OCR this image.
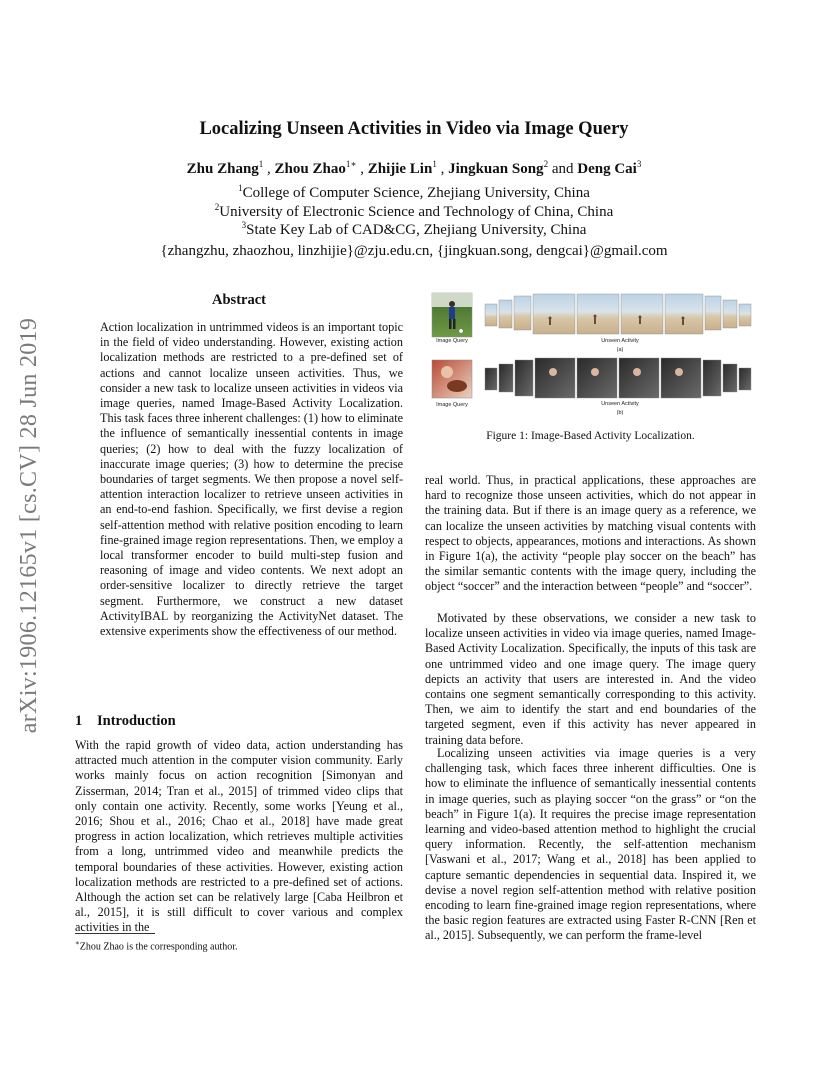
arXiv:1906.12165v1 [cs.CV] 28 Jun 2019
Localizing Unseen Activities in Video via Image Query
Zhu Zhang$^1$ , Zhou Zhao$^{1∗}$ , Zhijie Lin$^1$ , Jingkuan Song$^2$ and Deng Cai$^3$
$^1$College of Computer Science, Zhejiang University, China
$^2$University of Electronic Science and Technology of China, China
$^3$State Key Lab of CAD&CG, Zhejiang University, China
{zhangzhu, zhaozhou, linzhijie}@zju.edu.cn, {jingkuan.song, dengcai}@gmail.com
Abstract

Action localization in untrimmed videos is an important topic in the field of video understanding. However, existing action localization methods are restricted to a pre-defined set of actions and cannot localize unseen activities. Thus, we consider a new task to localize unseen activities in videos via image queries, named Image-Based Activity Localization. This task faces three inherent challenges: (1) how to eliminate the influence of semantically inessential contents in image queries; (2) how to deal with the fuzzy localization of inaccurate image queries; (3) how to determine the precise boundaries of target segments. We then propose a novel self-attention interaction localizer to retrieve unseen activities in an end-to-end fashion. Specifically, we first devise a region self-attention method with relative position encoding to learn fine-grained image region representations. Then, we employ a local transformer encoder to build multi-step fusion and reasoning of image and video contents. We next adopt an order-sensitive localizer to directly retrieve the target segment. Furthermore, we construct a new dataset ActivityIBAL by reorganizing the ActivityNet dataset. The extensive experiments show the effectiveness of our method.

1 Introduction

With the rapid growth of video data, action understanding has attracted much attention in the computer vision community. Early works mainly focus on action recognition [Simonyan and Zisserman, 2014; Tran et al., 2015] of trimmed video clips that only contain one activity. Recently, some works [Yeung et al., 2016; Shou et al., 2016; Chao et al., 2018] have made great progress in action localization, which retrieves multiple activities from a long, untrimmed video and meanwhile predicts the temporal boundaries of these activities. However, existing action localization methods are restricted to a pre-defined set of actions. Although the action set can be relatively large [Caba Heilbron et al., 2015], it is still difficult to cover various and complex activities in the

∗Zhou Zhao is the corresponding author.
Image Query	Unseen Activity
(a)
Image Query	Unseen Activity
(b)
Figure 1: Image-Based Activity Localization.

real world. Thus, in practical applications, these approaches are hard to recognize those unseen activities, which do not appear in the training data. But if there is an image query as a reference, we can localize the unseen activities by matching visual contents with respect to objects, appearances, motions and interactions. As shown in Figure 1(a), the activity “people play soccer on the beach” has the similar semantic contents with the image query, including the object “soccer” and the interaction between “people” and “soccer”.

Motivated by these observations, we consider a new task to localize unseen activities in video via image queries, named Image-Based Activity Localization. Specifically, the inputs of this task are one untrimmed video and one image query. The image query depicts an activity that users are interested in. And the video contains one segment semantically corresponding to this activity. Then, we aim to identify the start and end boundaries of the targeted segment, even if this activity has never appeared in training data before.

Localizing unseen activities via image queries is a very challenging task, which faces three inherent difficulties. One is how to eliminate the influence of semantically inessential contents in image queries, such as playing soccer “on the grass” or “on the beach” in Figure 1(a). It requires the precise image representation learning and video-based attention method to highlight the crucial query information. Recently, the self-attention mechanism [Vaswani et al., 2017; Wang et al., 2018] has been applied to capture semantic dependencies in sequential data. Inspired it, we devise a novel region self-attention method with relative position encoding to learn fine-grained image region representations, where the basic region features are extracted using Faster R-CNN [Ren et al., 2015]. Subsequently, we can perform the frame-level
